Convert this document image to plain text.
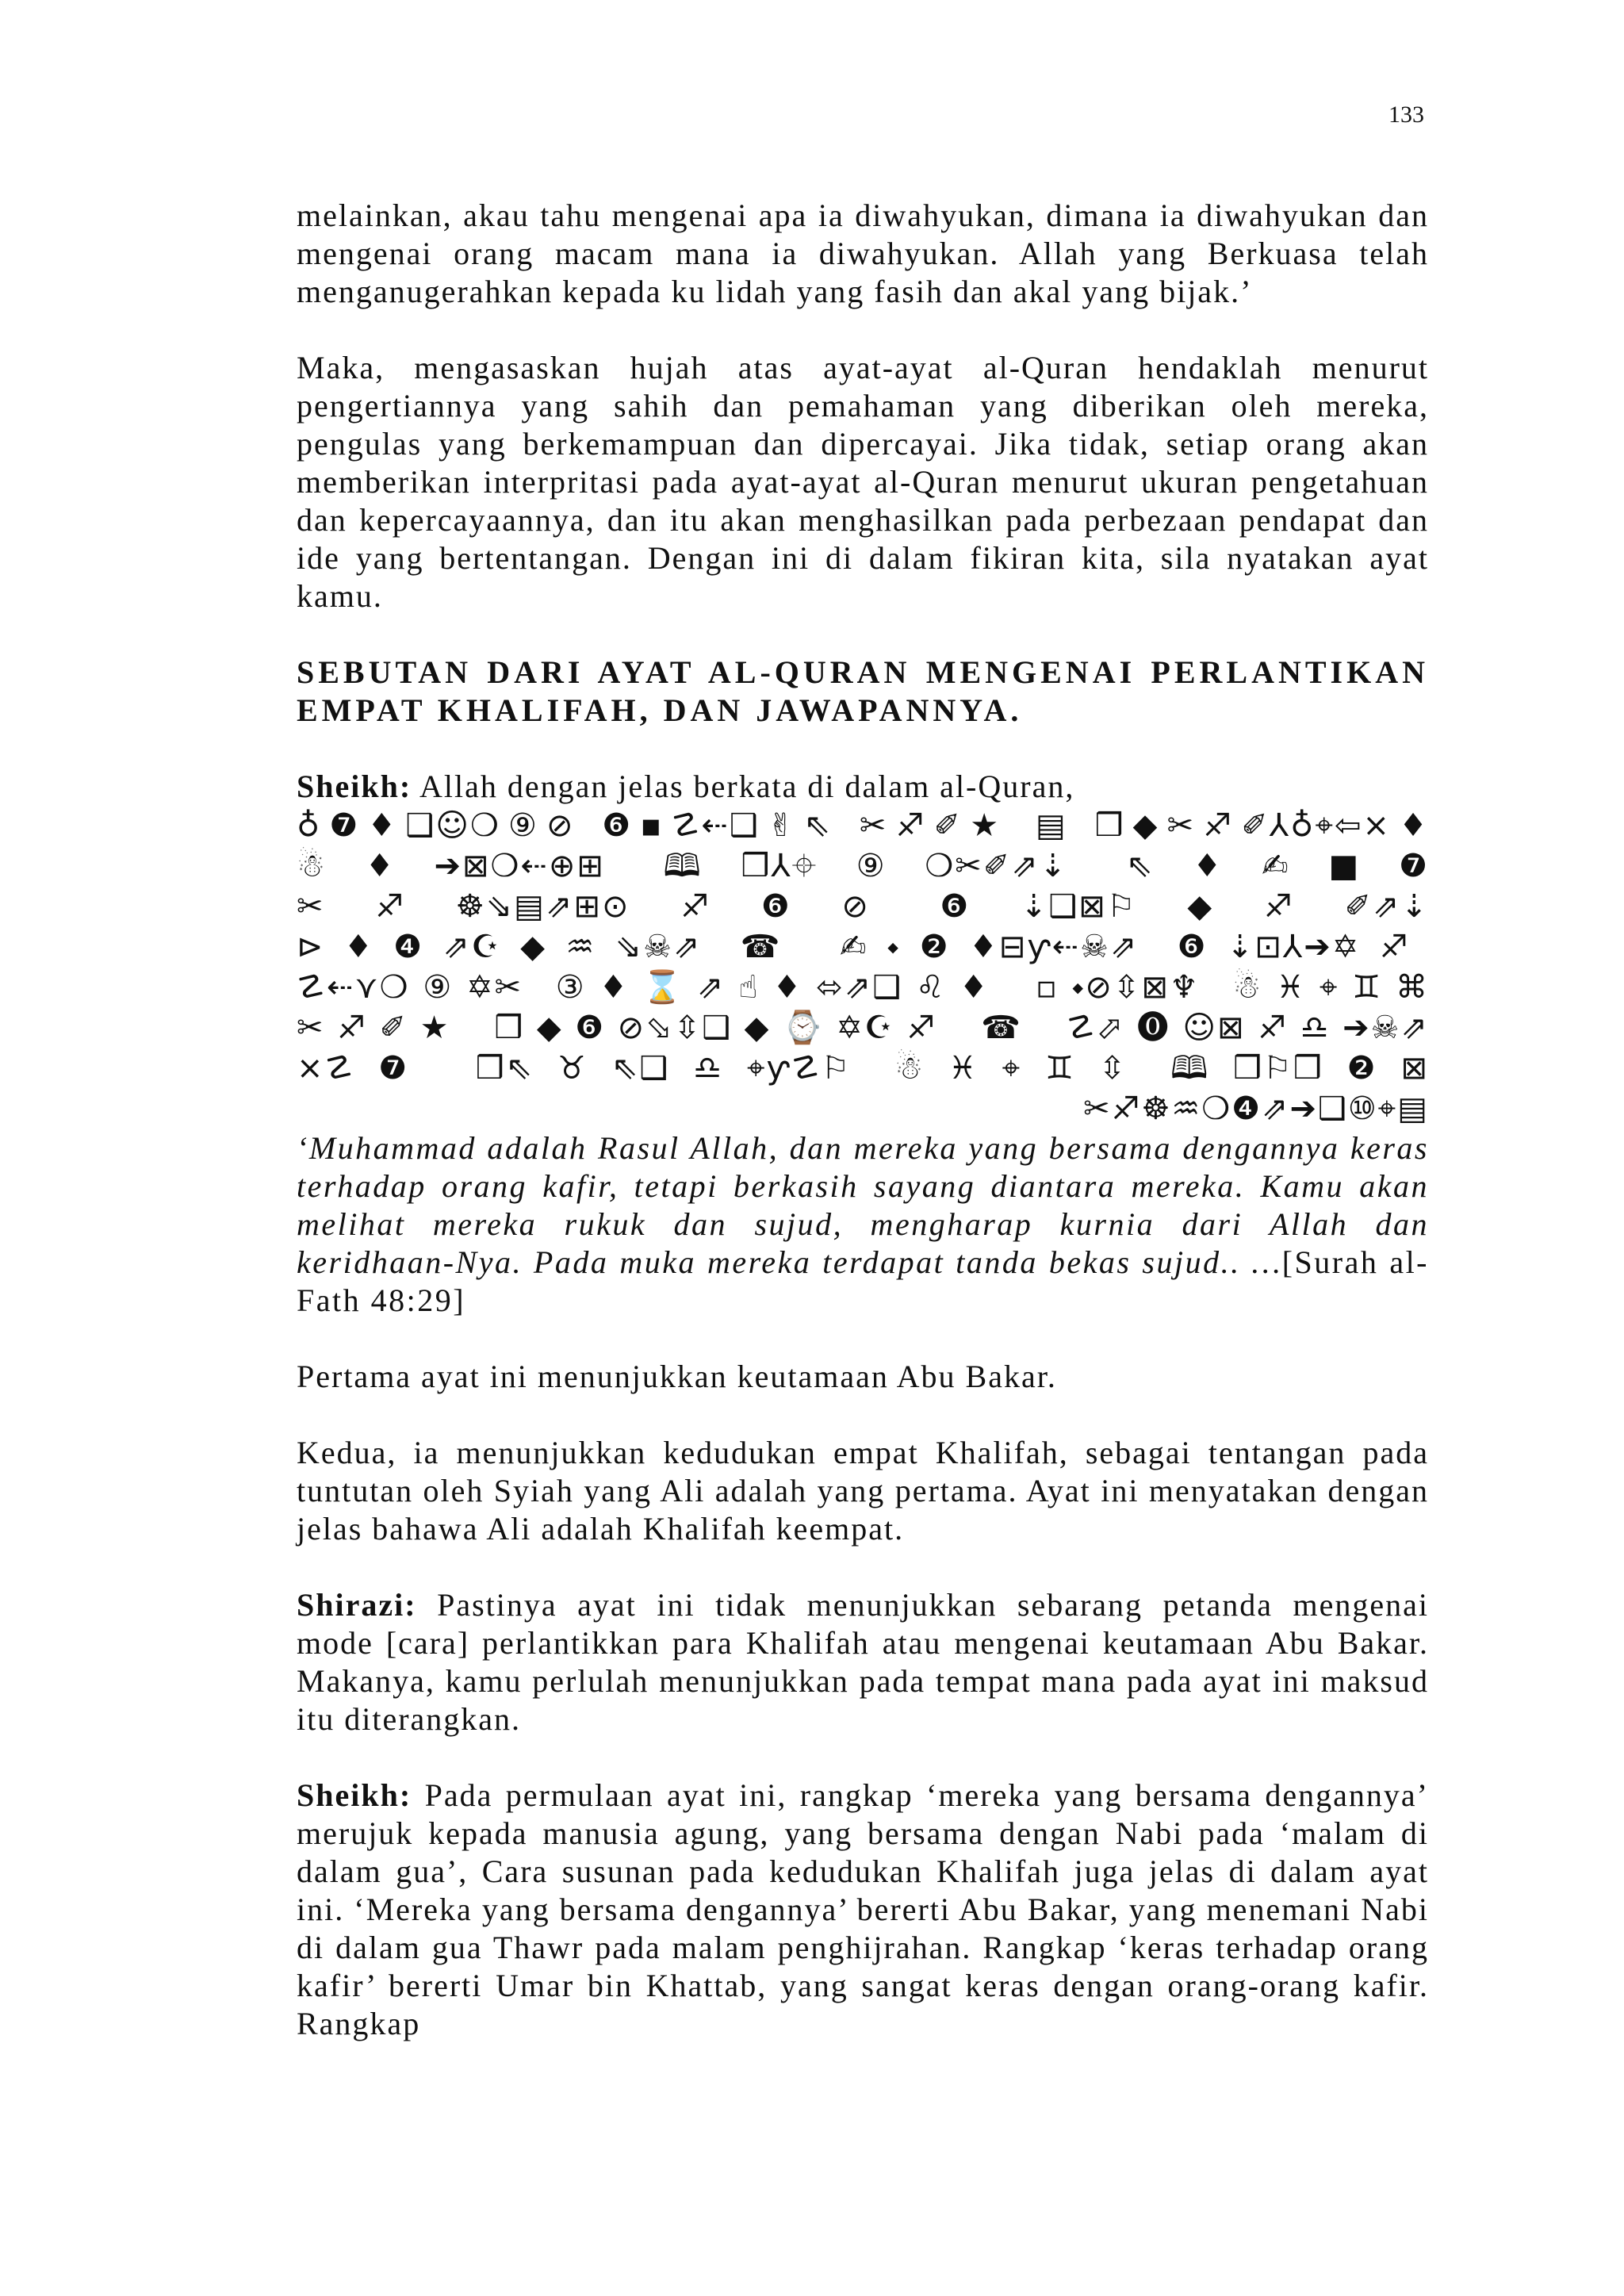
133

melainkan, akau tahu mengenai apa ia diwahyukan, dimana ia diwahyukan dan mengenai orang macam mana ia diwahyukan. Allah yang Berkuasa telah menganugerahkan kepada ku lidah yang fasih dan akal yang bijak.’

Maka, mengasaskan hujah atas ayat-ayat al-Quran hendaklah menurut pengertiannya yang sahih dan pemahaman yang diberikan oleh mereka, pengulas yang berkemampuan dan dipercayai. Jika tidak, setiap orang akan memberikan interpritasi pada ayat-ayat al-Quran menurut ukuran pengetahuan dan kepercayaannya, dan itu akan menghasilkan pada perbezaan pendapat dan ide yang bertentangan. Dengan ini di dalam fikiran kita, sila nyatakan ayat kamu.

SEBUTAN DARI AYAT AL-QURAN MENGENAI PERLANTIKAN EMPAT KHALIFAH, DAN JAWAPANNYA.

Sheikh: Allah dengan jelas berkata di dalam al-Quran,

♦×⇦⌖♁⅄✐♐✂◆❒ ▤ ★✐♐✂ ⇖✌❑⇠☡▪❻ ⊘⑨❍☺❑♦❼♁
❼■✍♦⇖ ⇣⇗✐✂❍⑨⌖⅄❒🕮 ⊞⊕⇠❍⊠➔♦☃
⇣⇗✐♐◆⚐⊠❑⇣❻ ⊘❻♐⊙⊞⇗▤⇘☸♐✂
♐✡➔⅄⊡⇣❻ ⇗☠⇠ƴ⊟♦❷⬩✍ ☎ ⇗☠⇘♒◆☪⇗❹♦⊲
⌘♊⌖♓☃ ♆⊠⇳⊘⬩▫ ♦♌❑⇗⬄♦☝⇗⌛♦③ ✂✡⑨❍⋎⇠☡
⇗☠➔♎♐⊠☺⓿⬀☡ ☎ ♐☪✡⌚◆❑⇳⬂⊘❻◆❒ ★✐♐✂
⊠❷❒⚐❒🕮 ⇳♊⌖♓☃ ⚐☡ƴ⌖♎❑⇖♉⇖❒ ❼☡×
▤⌖⑩❑➔⇗❹❍♒☸♐✂

‘Muhammad adalah Rasul Allah, dan mereka yang bersama dengannya keras terhadap orang kafir, tetapi berkasih sayang diantara mereka. Kamu akan melihat mereka rukuk dan sujud, mengharap kurnia dari Allah dan keridhaan-Nya. Pada muka mereka terdapat tanda bekas sujud.. …[Surah al-Fath 48:29]

Pertama ayat ini menunjukkan keutamaan Abu Bakar.

Kedua, ia menunjukkan kedudukan empat Khalifah, sebagai tentangan pada tuntutan oleh Syiah yang Ali adalah yang pertama. Ayat ini menyatakan dengan jelas bahawa Ali adalah Khalifah keempat.

Shirazi: Pastinya ayat ini tidak menunjukkan sebarang petanda mengenai mode [cara] perlantikkan para Khalifah atau mengenai keutamaan Abu Bakar. Makanya, kamu perlulah menunjukkan pada tempat mana pada ayat ini maksud itu diterangkan.

Sheikh: Pada permulaan ayat ini, rangkap ‘mereka yang bersama dengannya’ merujuk kepada manusia agung, yang bersama dengan Nabi pada ‘malam di dalam gua’, Cara susunan pada kedudukan Khalifah juga jelas di dalam ayat ini. ‘Mereka yang bersama dengannya’ bererti Abu Bakar, yang menemani Nabi di dalam gua Thawr pada malam penghijrahan. Rangkap ‘keras terhadap orang kafir’ bererti Umar bin Khattab, yang sangat keras dengan orang-orang kafir. Rangkap
